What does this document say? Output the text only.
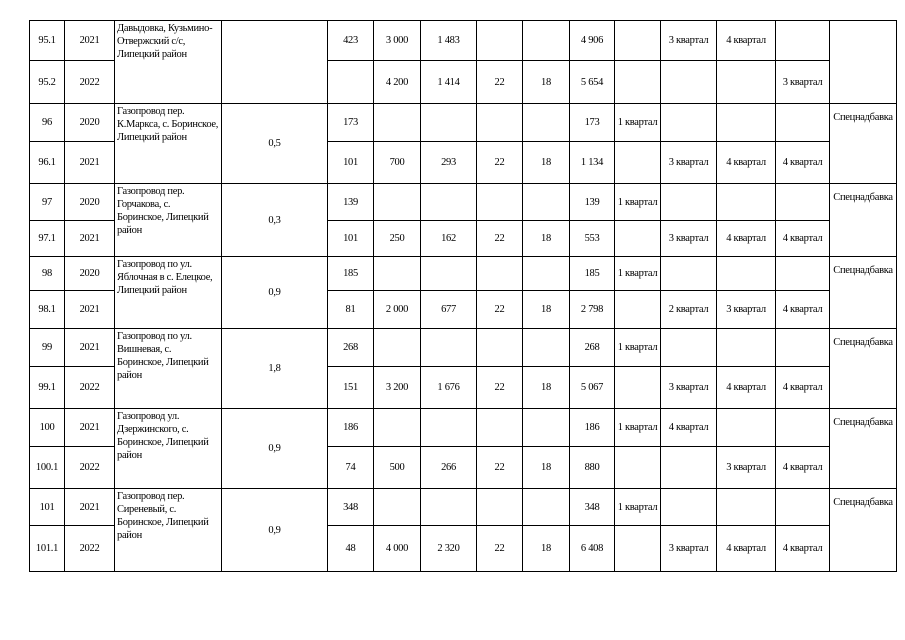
95.1	2021	Давыдовка, Кузьмино-Отвержский с/с, Липецкий район		423	3 000	1 483			4 906		3 квартал	4 квартал		
95.2	2022				4 200	1 414	22	18	5 654				3 квартал	
96	2020	Газопровод пер. К.Маркса, с. Боринское, Липецкий район	0,5	173					173	1 квартал				Спецнадбавка
96.1	2021			101	700	293	22	18	1 134		3 квартал	4 квартал	4 квартал	
97	2020	Газопровод пер. Горчакова, с. Боринское, Липецкий район	0,3	139					139	1 квартал				Спецнадбавка
97.1	2021			101	250	162	22	18	553		3 квартал	4 квартал	4 квартал	
98	2020	Газопровод по ул. Яблочная в с. Елецкое, Липецкий район	0,9	185					185	1 квартал				Спецнадбавка
98.1	2021			81	2 000	677	22	18	2 798		2 квартал	3 квартал	4 квартал	
99	2021	Газопровод по ул. Вишневая, с. Боринское, Липецкий район	1,8	268					268	1 квартал				Спецнадбавка
99.1	2022			151	3 200	1 676	22	18	5 067		3 квартал	4 квартал	4 квартал	
100	2021	Газопровод ул. Дзержинского, с. Боринское, Липецкий район	0,9	186					186	1 квартал	4 квартал			Спецнадбавка
100.1	2022			74	500	266	22	18	880			3 квартал	4 квартал	
101	2021	Газопровод пер. Сиреневый, с. Боринское, Липецкий район	0,9	348					348	1 квартал				Спецнадбавка
101.1	2022			48	4 000	2 320	22	18	6 408		3 квартал	4 квартал	4 квартал	
